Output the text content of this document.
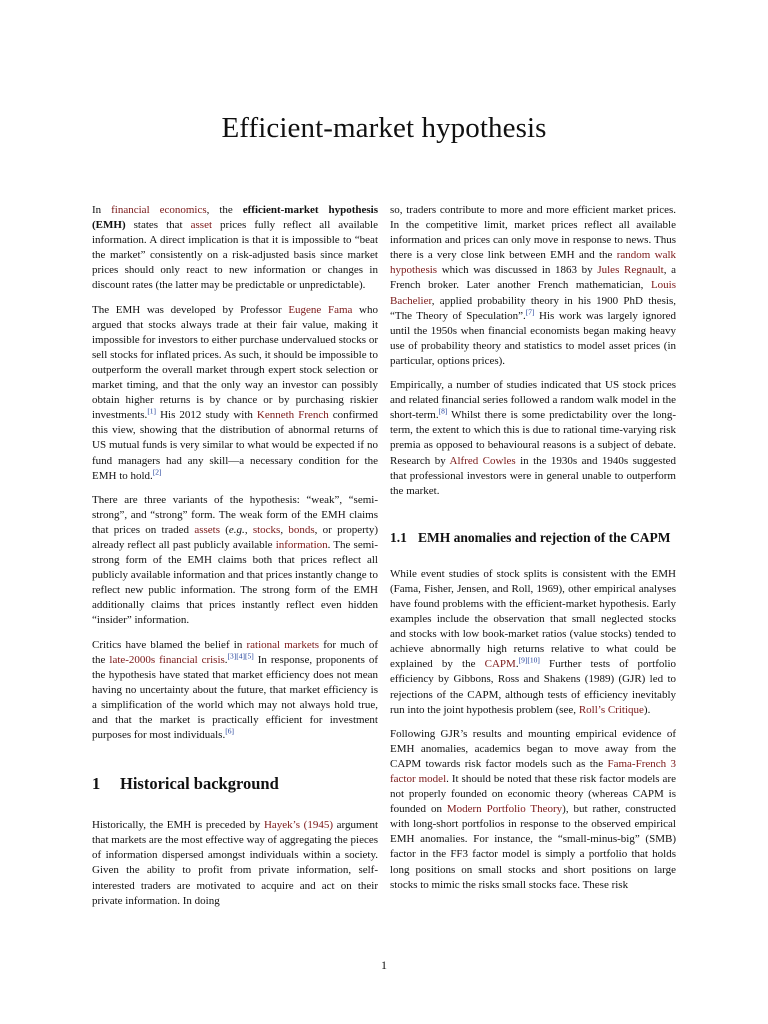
Efficient-market hypothesis

In financial economics, the efficient-market hypothesis (EMH) states that asset prices fully reflect all available information. A direct implication is that it is impossible to “beat the market” consistently on a risk-adjusted basis since market prices should only react to new information or changes in discount rates (the latter may be predictable or unpredictable).

The EMH was developed by Professor Eugene Fama who argued that stocks always trade at their fair value, making it impossible for investors to either purchase undervalued stocks or sell stocks for inflated prices. As such, it should be impossible to outperform the overall market through expert stock selection or market timing, and that the only way an investor can possibly obtain higher returns is by chance or by purchasing riskier investments.[1] His 2012 study with Kenneth French confirmed this view, showing that the distribution of abnormal returns of US mutual funds is very similar to what would be expected if no fund managers had any skill—a necessary condition for the EMH to hold.[2]

There are three variants of the hypothesis: “weak”, “semi-strong”, and “strong” form. The weak form of the EMH claims that prices on traded assets (e.g., stocks, bonds, or property) already reflect all past publicly available information. The semi-strong form of the EMH claims both that prices reflect all publicly available information and that prices instantly change to reflect new public information. The strong form of the EMH additionally claims that prices instantly reflect even hidden “insider” information.

Critics have blamed the belief in rational markets for much of the late-2000s financial crisis.[3][4][5] In response, proponents of the hypothesis have stated that market efficiency does not mean having no uncertainty about the future, that market efficiency is a simplification of the world which may not always hold true, and that the market is practically efficient for investment purposes for most individuals.[6]

1	Historical background

Historically, the EMH is preceded by Hayek’s (1945) argument that markets are the most effective way of aggregating the pieces of information dispersed amongst individuals within a society. Given the ability to profit from private information, self-interested traders are motivated to acquire and act on their private information. In doing

so, traders contribute to more and more efficient market prices. In the competitive limit, market prices reflect all available information and prices can only move in response to news. Thus there is a very close link between EMH and the random walk hypothesis which was discussed in 1863 by Jules Regnault, a French broker. Later another French mathematician, Louis Bachelier, applied probability theory in his 1900 PhD thesis, “The Theory of Speculation”.[7] His work was largely ignored until the 1950s when financial economists began making heavy use of probability theory and statistics to model asset prices (in particular, options prices).

Empirically, a number of studies indicated that US stock prices and related financial series followed a random walk model in the short-term.[8] Whilst there is some predictability over the long-term, the extent to which this is due to rational time-varying risk premia as opposed to behavioural reasons is a subject of debate. Research by Alfred Cowles in the 1930s and 1940s suggested that professional investors were in general unable to outperform the market.

1.1 EMH anomalies and rejection of the CAPM

While event studies of stock splits is consistent with the EMH (Fama, Fisher, Jensen, and Roll, 1969), other empirical analyses have found problems with the efficient-market hypothesis. Early examples include the observation that small neglected stocks and stocks with low book-market ratios (value stocks) tended to achieve abnormally high returns relative to what could be explained by the CAPM.[9][10] Further tests of portfolio efficiency by Gibbons, Ross and Shakens (1989) (GJR) led to rejections of the CAPM, although tests of efficiency inevitably run into the joint hypothesis problem (see, Roll’s Critique).

Following GJR’s results and mounting empirical evidence of EMH anomalies, academics began to move away from the CAPM towards risk factor models such as the Fama-French 3 factor model. It should be noted that these risk factor models are not properly founded on economic theory (whereas CAPM is founded on Modern Portfolio Theory), but rather, constructed with long-short portfolios in response to the observed empirical EMH anomalies. For instance, the “small-minus-big” (SMB) factor in the FF3 factor model is simply a portfolio that holds long positions on small stocks and short positions on large stocks to mimic the risks small stocks face. These risk

1
